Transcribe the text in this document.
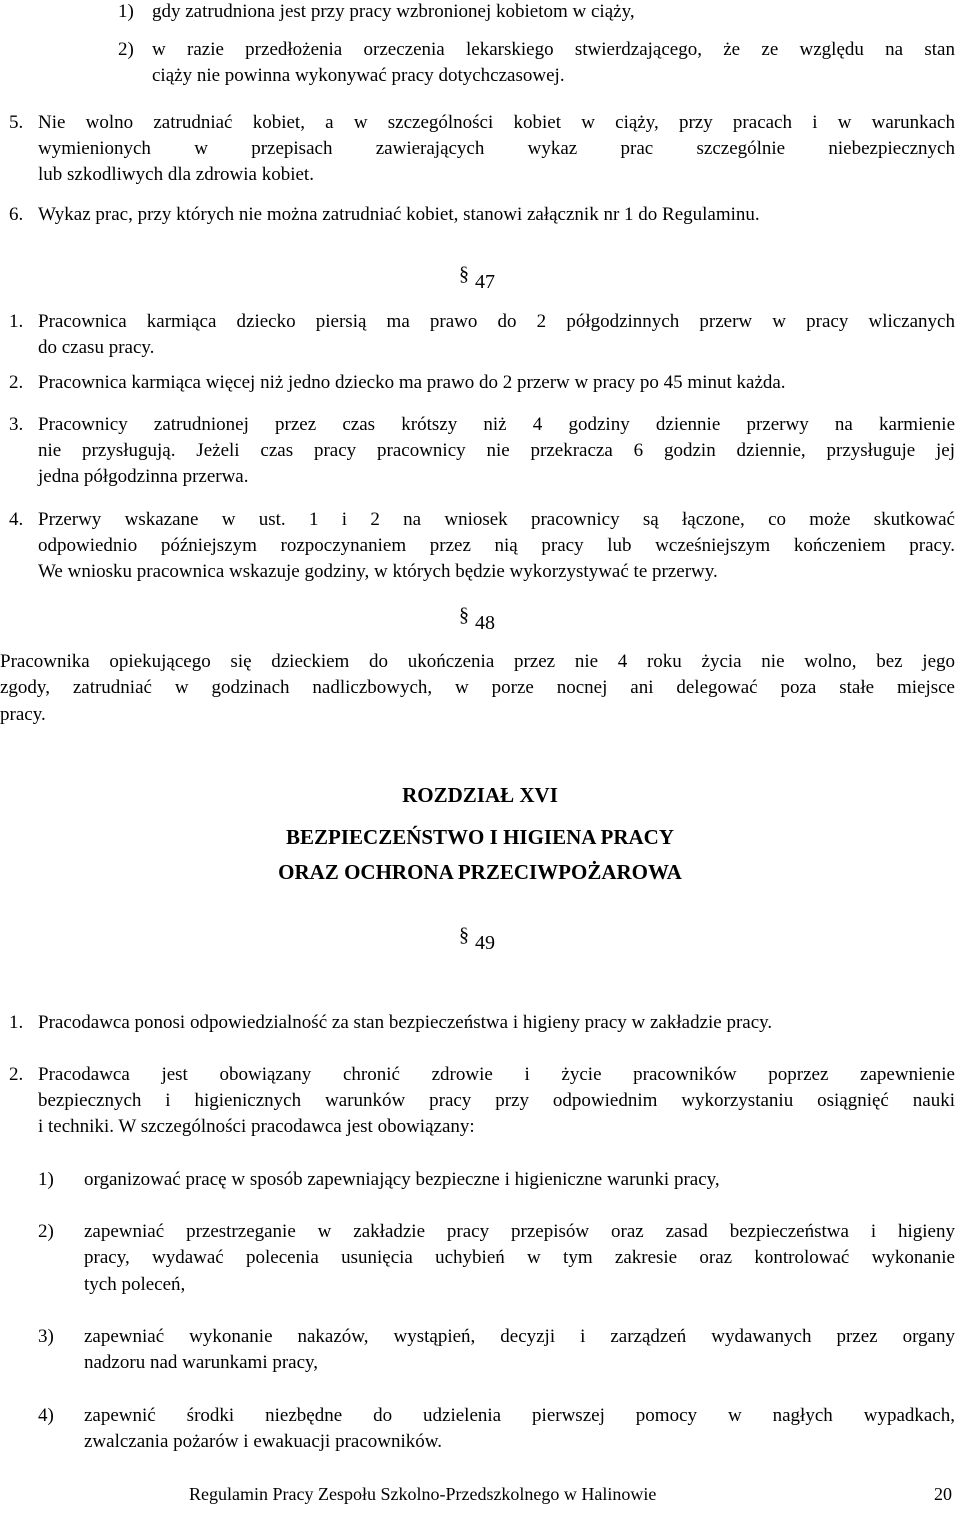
1) gdy zatrudniona jest przy pracy wzbronionej kobietom w ciąży,
2) w razie przedłożenia orzeczenia lekarskiego stwierdzającego, że ze względu na stan
ciąży nie powinna wykonywać pracy dotychczasowej.
5. Nie wolno zatrudniać kobiet, a w szczególności kobiet w ciąży, przy pracach i w warunkach
wymienionych w przepisach zawierających wykaz prac szczególnie niebezpiecznych
lub szkodliwych dla zdrowia kobiet.
6. Wykaz prac, przy których nie można zatrudniać kobiet, stanowi załącznik nr 1 do Regulaminu.
§ 47
1. Pracownica karmiąca dziecko piersią ma prawo do 2 półgodzinnych przerw w pracy wliczanych
do czasu pracy.
2. Pracownica karmiąca więcej niż jedno dziecko ma prawo do 2 przerw w pracy po 45 minut każda.
3. Pracownicy zatrudnionej przez czas krótszy niż 4 godziny dziennie przerwy na karmienie
nie przysługują. Jeżeli czas pracy pracownicy nie przekracza 6 godzin dziennie, przysługuje jej
jedna półgodzinna przerwa.
4. Przerwy wskazane w ust. 1 i 2 na wniosek pracownicy są łączone, co może skutkować
odpowiednio późniejszym rozpoczynaniem przez nią pracy lub wcześniejszym kończeniem pracy.
We wniosku pracownica wskazuje godziny, w których będzie wykorzystywać te przerwy.
§ 48
Pracownika opiekującego się dzieckiem do ukończenia przez nie 4 roku życia nie wolno, bez jego
zgody, zatrudniać w godzinach nadliczbowych, w porze nocnej ani delegować poza stałe miejsce
pracy.
ROZDZIAŁ XVI
BEZPIECZEŃSTWO I HIGIENA PRACY
ORAZ OCHRONA PRZECIWPOŻAROWA
§ 49
1. Pracodawca ponosi odpowiedzialność za stan bezpieczeństwa i higieny pracy w zakładzie pracy.
2. Pracodawca jest obowiązany chronić zdrowie i życie pracowników poprzez zapewnienie
bezpiecznych i higienicznych warunków pracy przy odpowiednim wykorzystaniu osiągnięć nauki
i techniki. W szczególności pracodawca jest obowiązany:
1) organizować pracę w sposób zapewniający bezpieczne i higieniczne warunki pracy,
2) zapewniać przestrzeganie w zakładzie pracy przepisów oraz zasad bezpieczeństwa i higieny
pracy, wydawać polecenia usunięcia uchybień w tym zakresie oraz kontrolować wykonanie
tych poleceń,
3) zapewniać wykonanie nakazów, wystąpień, decyzji i zarządzeń wydawanych przez organy
nadzoru nad warunkami pracy,
4) zapewnić środki niezbędne do udzielenia pierwszej pomocy w nagłych wypadkach,
zwalczania pożarów i ewakuacji pracowników.
Regulamin Pracy Zespołu Szkolno-Przedszkolnego w Halinowie	20
